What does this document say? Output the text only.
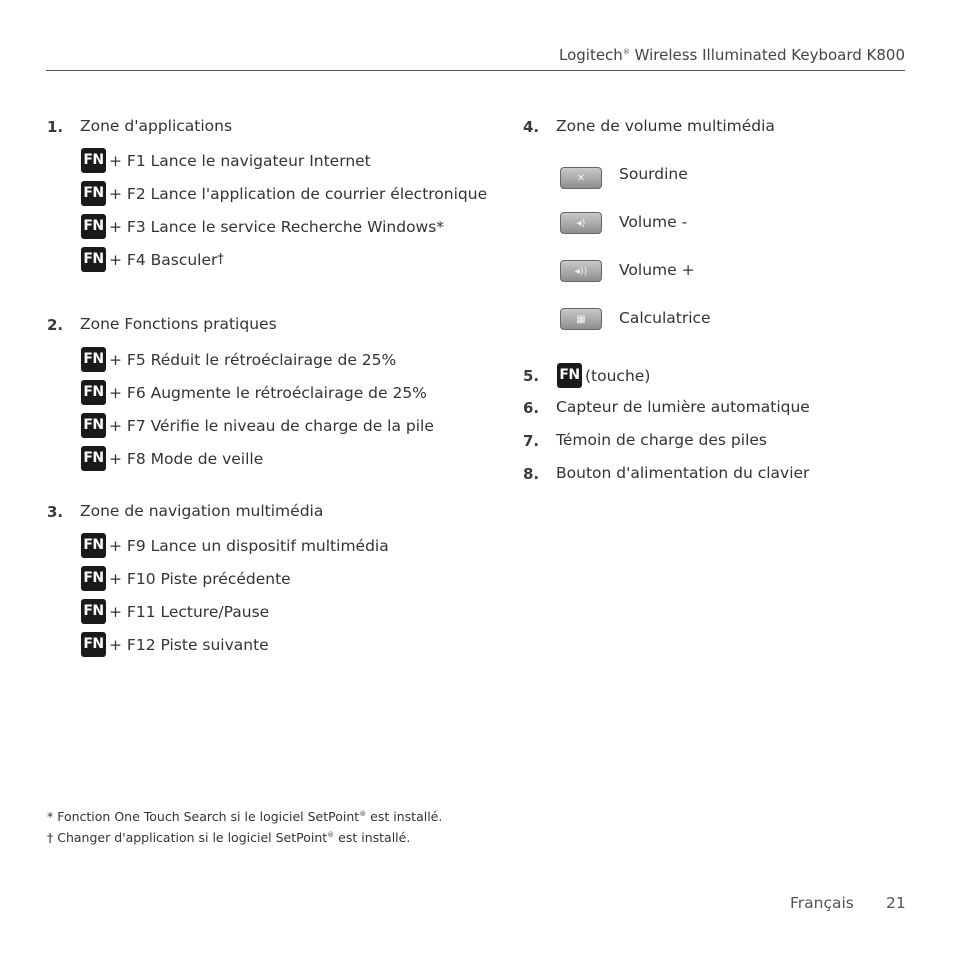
Logitech® Wireless Illuminated Keyboard K800
1. Zone d'applications
FN + F1 Lance le navigateur Internet
FN + F2 Lance l'application de courrier électronique
FN + F3 Lance le service Recherche Windows*
FN + F4 Basculer †
2. Zone Fonctions pratiques
FN + F5 Réduit le rétroéclairage de 25%
FN + F6 Augmente le rétroéclairage de 25%
FN + F7 Vérifie le niveau de charge de la pile
FN + F8 Mode de veille
3. Zone de navigation multimédia
FN + F9 Lance un dispositif multimédia
FN + F10 Piste précédente
FN + F11 Lecture/Pause
FN + F12 Piste suivante
4. Zone de volume multimédia
✕	Sourdine
◂)	Volume -
◂))	Volume +
▦	Calculatrice
5. FN (touche)
6. Capteur de lumière automatique
7. Témoin de charge des piles
8. Bouton d'alimentation du clavier
* Fonction One Touch Search si le logiciel SetPoint® est installé.
† Changer d'application si le logiciel SetPoint® est installé.
Français 21
